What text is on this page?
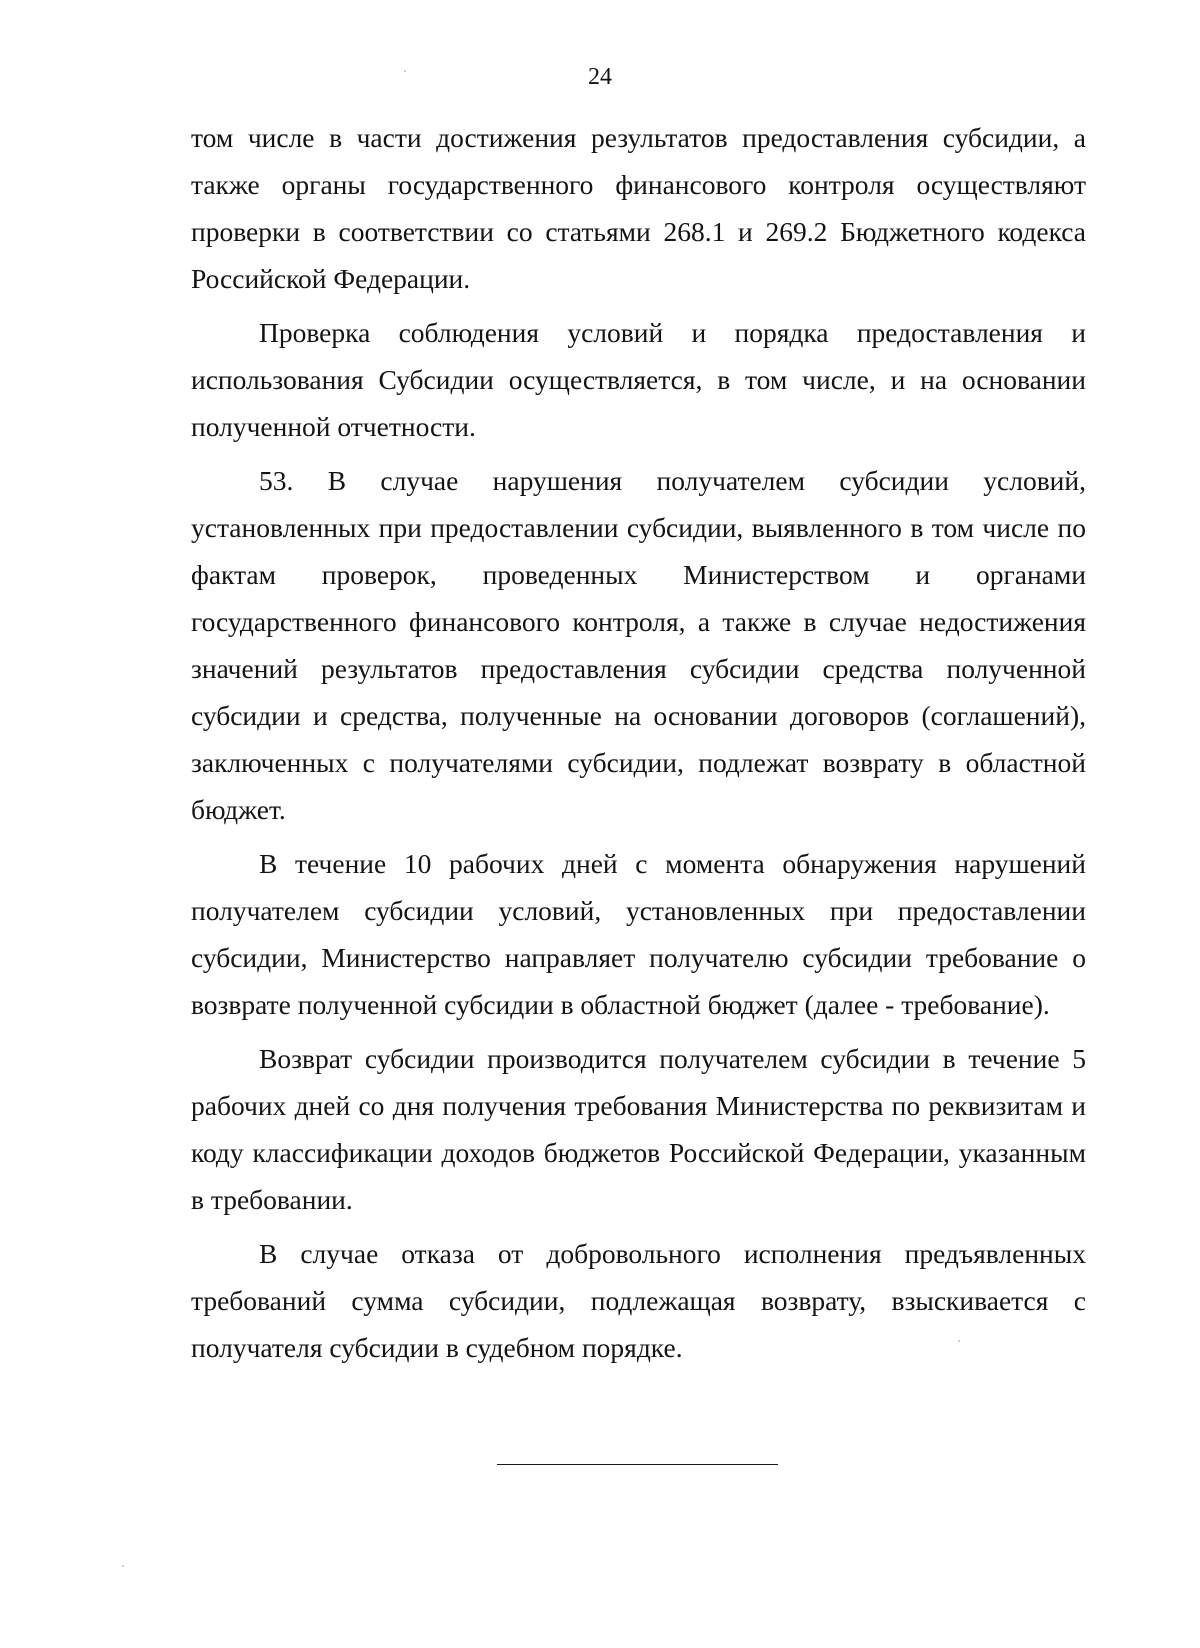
24

том числе в части достижения результатов предоставления субсидии, а также органы государственного финансового контроля осуществляют проверки в соответствии со статьями 268.1 и 269.2 Бюджетного кодекса Российской Федерации.

Проверка соблюдения условий и порядка предоставления и использования Субсидии осуществляется, в том числе, и на основании полученной отчетности.

53. В случае нарушения получателем субсидии условий, установленных при предоставлении субсидии, выявленного в том числе по фактам проверок, проведенных Министерством и органами государственного финансового контроля, а также в случае недостижения значений результатов предоставления субсидии средства полученной субсидии и средства, полученные на основании договоров (соглашений), заключенных с получателями субсидии, подлежат возврату в областной бюджет.

В течение 10 рабочих дней с момента обнаружения нарушений получателем субсидии условий, установленных при предоставлении субсидии, Министерство направляет получателю субсидии требование о возврате полученной субсидии в областной бюджет (далее - требование).

Возврат субсидии производится получателем субсидии в течение 5 рабочих дней со дня получения требования Министерства по реквизитам и коду классификации доходов бюджетов Российской Федерации, указанным в требовании.

В случае отказа от добровольного исполнения предъявленных требований сумма субсидии, подлежащая возврату, взыскивается с получателя субсидии в судебном порядке.
